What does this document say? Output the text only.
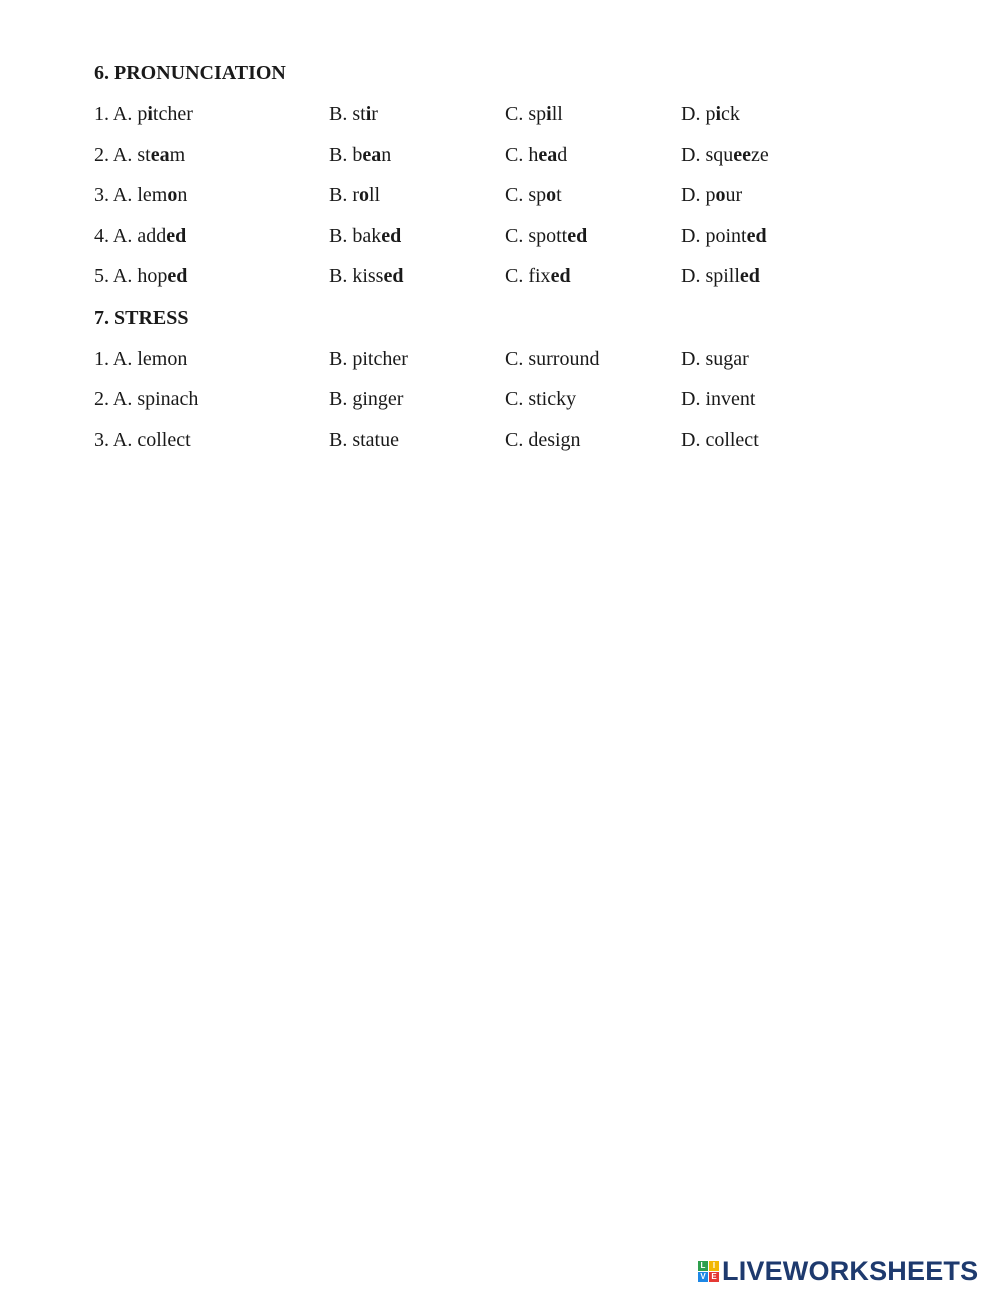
6. PRONUNCIATION
1. A. pitcher	B. stir	C. spill	D. pick
2. A. steam	B. bean	C. head	D. squeeze
3. A. lemon	B. roll	C. spot	D. pour
4. A. added	B. baked	C. spotted	D. pointed
5. A. hoped	B. kissed	C. fixed	D. spilled
7. STRESS
1. A. lemon	B. pitcher	C. surround	D. sugar
2. A. spinach	B. ginger	C. sticky	D. invent
3. A. collect	B. statue	C. design	D. collect
L I
V E LIVEWORKSHEETS
